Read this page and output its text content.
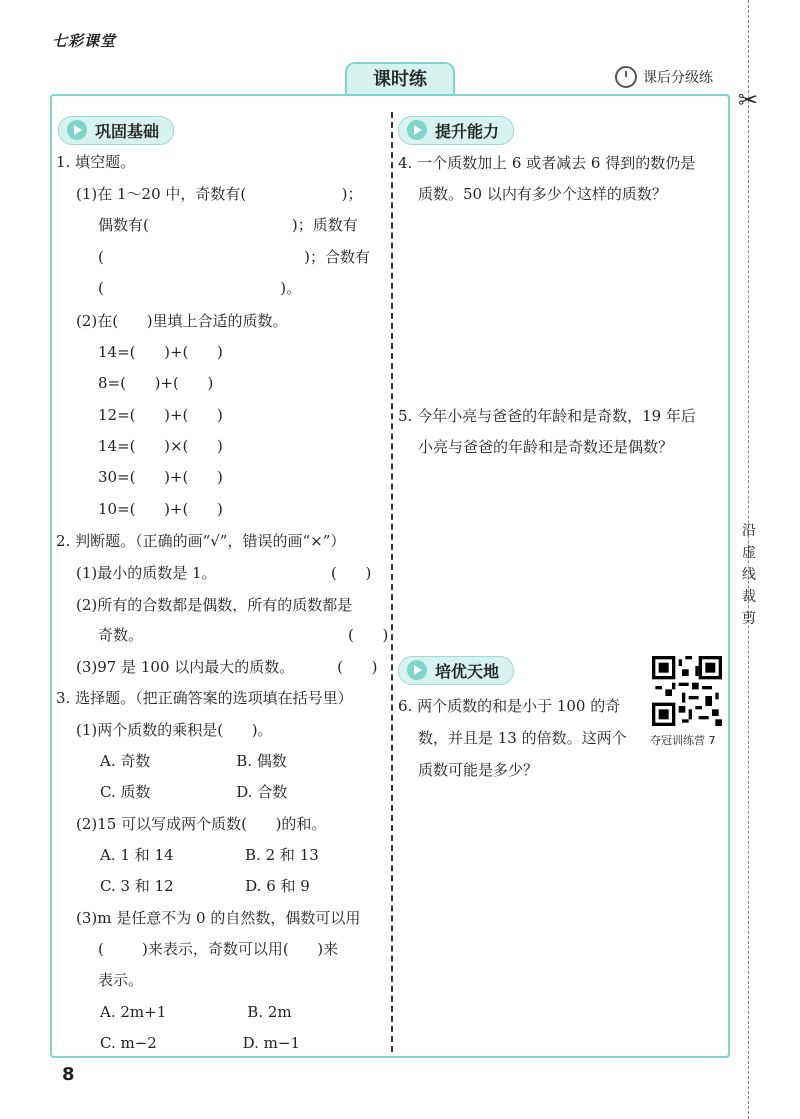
七彩课堂
课时练	课后分级练
✂
沿虚线裁剪
巩固基础
1. 填空题。
(1)在 1～20 中，奇数有(                    )；
偶数有(                              )；质数有
(                                          )；合数有
(                                     )。
(2)在(      )里填上合适的质数。
14=(      )+(      )
8=(      )+(      )
12=(      )+(      )
14=(      )×(      )
30=(      )+(      )
10=(      )+(      )
2. 判断题。（正确的画“√”，错误的画“×”）
(1)最小的质数是 1。                        (      )
(2)所有的合数都是偶数，所有的质数都是
奇数。                                           (      )
(3)97 是 100 以内最大的质数。         (      )
3. 选择题。（把正确答案的选项填在括号里）
(1)两个质数的乘积是(      )。
A. 奇数                  B. 偶数
C. 质数                  D. 合数
(2)15 可以写成两个质数(      )的和。
A. 1 和 14               B. 2 和 13
C. 3 和 12               D. 6 和 9
(3)m 是任意不为 0 的自然数，偶数可以用
(        )来表示，奇数可以用(      )来
表示。
A. 2m+1                 B. 2m
C. m−2                  D. m−1
提升能力
4. 一个质数加上 6 或者减去 6 得到的数仍是
质数。50 以内有多少个这样的质数？
5. 今年小亮与爸爸的年龄和是奇数，19 年后
小亮与爸爸的年龄和是奇数还是偶数？
培优天地
6. 两个质数的和是小于 100 的奇
数，并且是 13 的倍数。这两个
质数可能是多少？
夺冠训练营 7
8
